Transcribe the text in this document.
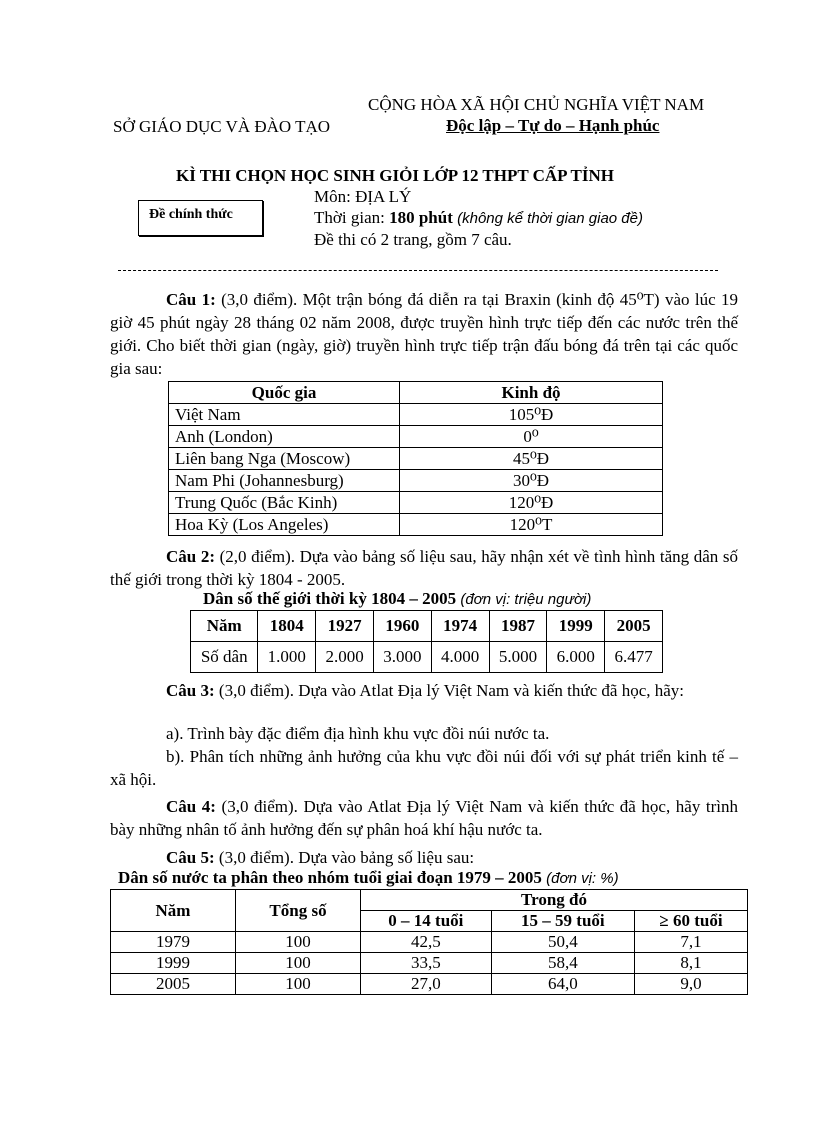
CỘNG HÒA XÃ HỘI CHỦ NGHĨA VIỆT NAM
SỞ GIÁO DỤC VÀ ĐÀO TẠO	Độc lập – Tự do – Hạnh phúc
KÌ THI CHỌN HỌC SINH GIỎI LỚP 12 THPT CẤP TỈNH
Đề chính thức
Môn: ĐỊA LÝ
Thời gian: 180 phút (không kể thời gian giao đề)
Đề thi có 2 trang, gồm 7 câu.
Câu 1: (3,0 điểm). Một trận bóng đá diễn ra tại Braxin (kinh độ 45⁰T) vào lúc 19 giờ 45 phút ngày 28 tháng 02 năm 2008, được truyền hình trực tiếp đến các nước trên thế giới. Cho biết thời gian (ngày, giờ) truyền hình trực tiếp trận đấu bóng đá trên tại các quốc gia sau:
Quốc gia	Kinh độ
Việt Nam	105⁰Đ
Anh (London)	0⁰
Liên bang Nga (Moscow)	45⁰Đ
Nam Phi (Johannesburg)	30⁰Đ
Trung Quốc (Bắc Kinh)	120⁰Đ
Hoa Kỳ (Los Angeles)	120⁰T
Câu 2: (2,0 điểm). Dựa vào bảng số liệu sau, hãy nhận xét về tình hình tăng dân số thế giới trong thời kỳ 1804 - 2005.
Dân số thế giới thời kỳ 1804 – 2005 (đơn vị: triệu người)
Năm	1804	1927	1960	1974	1987	1999	2005
Số dân	1.000	2.000	3.000	4.000	5.000	6.000	6.477
Câu 3: (3,0 điểm). Dựa vào Atlat Địa lý Việt Nam và kiến thức đã học, hãy:
a). Trình bày đặc điểm địa hình khu vực đồi núi nước ta.
b). Phân tích những ảnh hưởng của khu vực đồi núi đối với sự phát triển kinh tế – xã hội.
Câu 4: (3,0 điểm). Dựa vào Atlat Địa lý Việt Nam và kiến thức đã học, hãy trình bày những nhân tố ảnh hưởng đến sự phân hoá khí hậu nước ta.
Câu 5: (3,0 điểm). Dựa vào bảng số liệu sau:
Dân số nước ta phân theo nhóm tuổi giai đoạn 1979 – 2005 (đơn vị: %)
Năm	Tổng số	Trong đó		
		0 – 14 tuổi	15 – 59 tuổi	≥ 60 tuổi
1979	100	42,5	50,4	7,1
1999	100	33,5	58,4	8,1
2005	100	27,0	64,0	9,0
